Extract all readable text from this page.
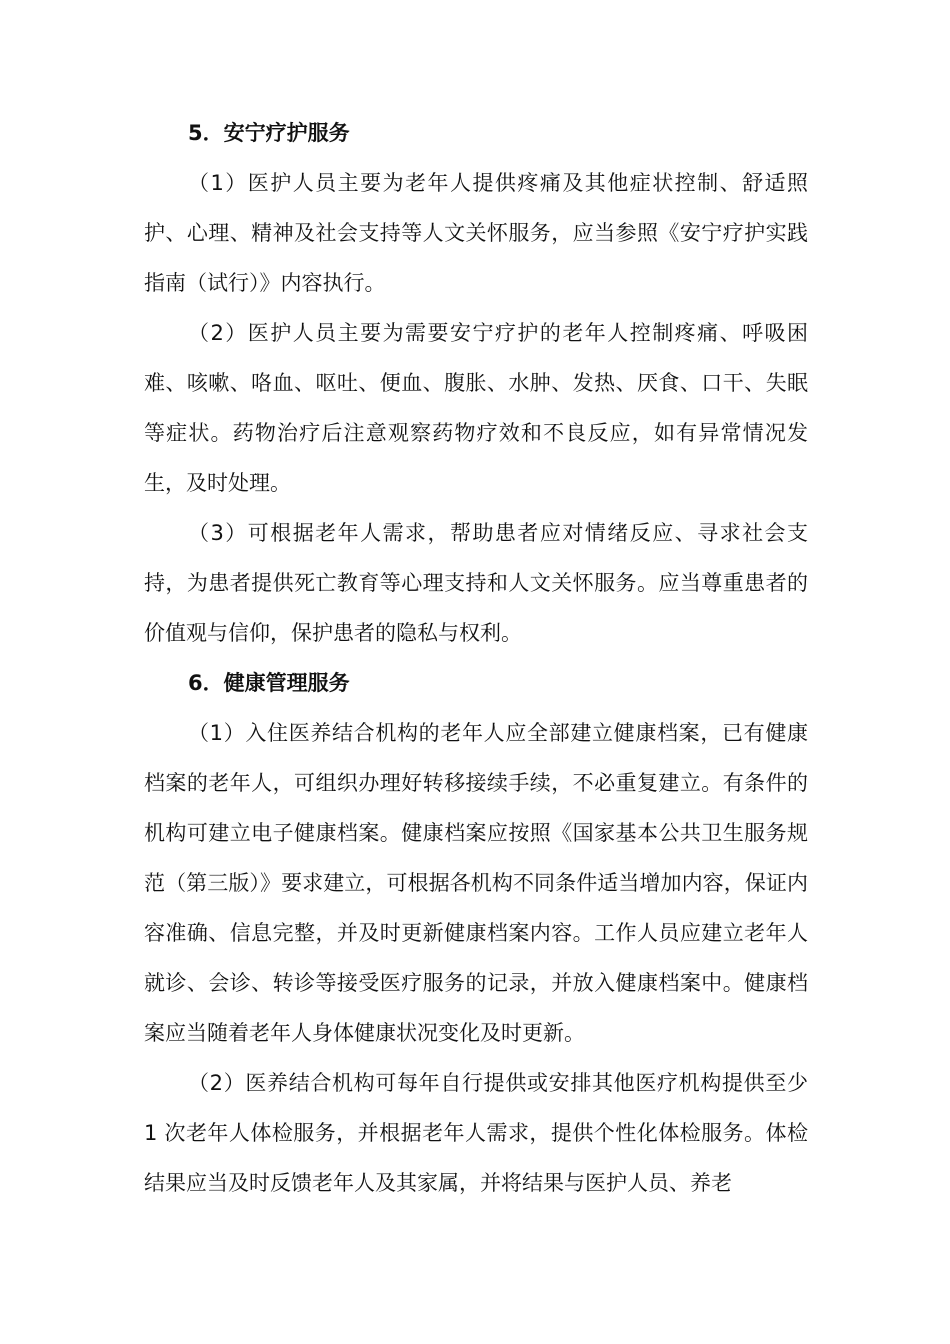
5．安宁疗护服务

（1）医护人员主要为老年人提供疼痛及其他症状控制、舒适照护、心理、精神及社会支持等人文关怀服务，应当参照《安宁疗护实践指南（试行）》内容执行。

（2）医护人员主要为需要安宁疗护的老年人控制疼痛、呼吸困难、咳嗽、咯血、呕吐、便血、腹胀、水肿、发热、厌食、口干、失眠等症状。药物治疗后注意观察药物疗效和不良反应，如有异常情况发生，及时处理。

（3）可根据老年人需求，帮助患者应对情绪反应、寻求社会支持，为患者提供死亡教育等心理支持和人文关怀服务。应当尊重患者的价值观与信仰，保护患者的隐私与权利。

6．健康管理服务

（1）入住医养结合机构的老年人应全部建立健康档案，已有健康档案的老年人，可组织办理好转移接续手续，不必重复建立。有条件的机构可建立电子健康档案。健康档案应按照《国家基本公共卫生服务规范（第三版）》要求建立，可根据各机构不同条件适当增加内容，保证内容准确、信息完整，并及时更新健康档案内容。工作人员应建立老年人就诊、会诊、转诊等接受医疗服务的记录，并放入健康档案中。健康档案应当随着老年人身体健康状况变化及时更新。

（2）医养结合机构可每年自行提供或安排其他医疗机构提供至少 1 次老年人体检服务，并根据老年人需求，提供个性化体检服务。体检结果应当及时反馈老年人及其家属，并将结果与医护人员、养老
